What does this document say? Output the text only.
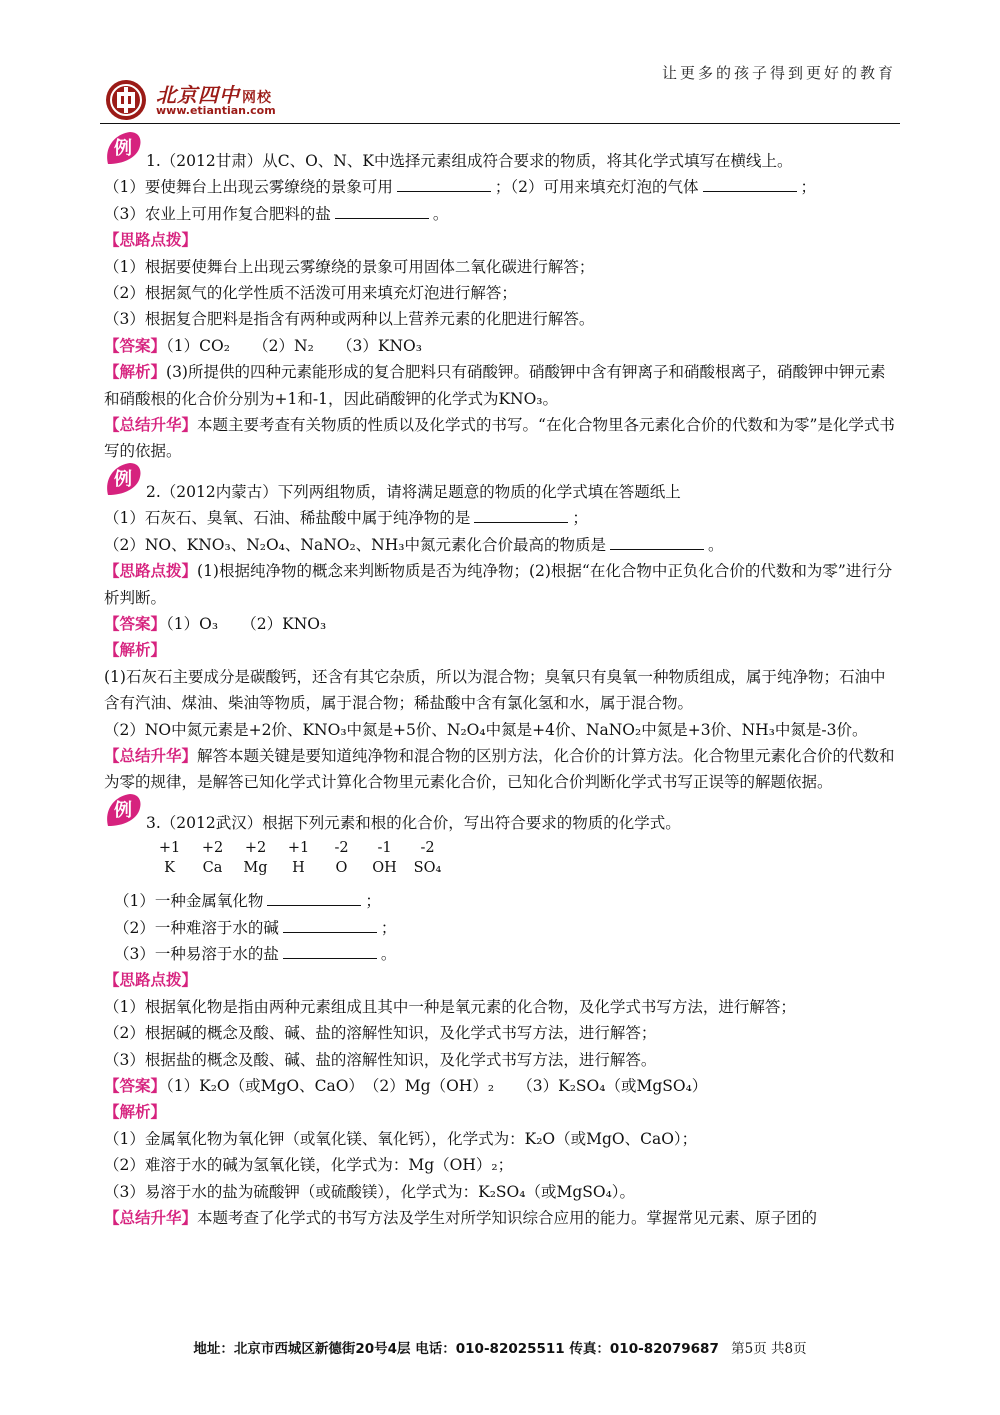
让更多的孩子得到更好的教育
北京四中 网校
www.etiantian.com
例

1.（2012甘肃）从C、O、N、K中选择元素组成符合要求的物质，将其化学式填写在横线上。

（1）要使舞台上出现云雾缭绕的景象可用	；（2）可用来填充灯泡的气体	；

（3）农业上可用作复合肥料的盐	。

【思路点拨】

（1）根据要使舞台上出现云雾缭绕的景象可用固体二氧化碳进行解答；

（2）根据氮气的化学性质不活泼可用来填充灯泡进行解答；

（3）根据复合肥料是指含有两种或两种以上营养元素的化肥进行解答。

【答案】（1）CO₂　　（2）N₂　　（3）KNO₃

【解析】(3)所提供的四种元素能形成的复合肥料只有硝酸钾。硝酸钾中含有钾离子和硝酸根离子，硝酸钾中钾元素和硝酸根的化合价分别为+1和-1，因此硝酸钾的化学式为KNO₃。

【总结升华】本题主要考查有关物质的性质以及化学式的书写。“在化合物里各元素化合价的代数和为零”是化学式书写的依据。

例

2.（2012内蒙古）下列两组物质，请将满足题意的物质的化学式填在答题纸上

（1）石灰石、臭氧、石油、稀盐酸中属于纯净物的是	；

（2）NO、KNO₃、N₂O₄、NaNO₂、NH₃中氮元素化合价最高的物质是	。

【思路点拨】(1)根据纯净物的概念来判断物质是否为纯净物；(2)根据“在化合物中正负化合价的代数和为零”进行分析判断。

【答案】（1）O₃　　（2）KNO₃

【解析】

(1)石灰石主要成分是碳酸钙，还含有其它杂质，所以为混合物；臭氧只有臭氧一种物质组成，属于纯净物；石油中含有汽油、煤油、柴油等物质，属于混合物；稀盐酸中含有氯化氢和水，属于混合物。

（2）NO中氮元素是+2价、KNO₃中氮是+5价、N₂O₄中氮是+4价、NaNO₂中氮是+3价、NH₃中氮是-3价。

【总结升华】解答本题关键是要知道纯净物和混合物的区别方法，化合价的计算方法。化合物里元素化合价的代数和为零的规律，是解答已知化学式计算化合物里元素化合价，已知化合价判断化学式书写正误等的解题依据。

例

3.（2012武汉）根据下列元素和根的化合价，写出符合要求的物质的化学式。

+1	+2	+2	+1	-2	-1	-2
K	Ca	Mg	H	O	OH	SO₄

（1）一种金属氧化物	；

（2）一种难溶于水的碱	；

（3）一种易溶于水的盐	。

【思路点拨】

（1）根据氧化物是指由两种元素组成且其中一种是氧元素的化合物，及化学式书写方法，进行解答；

（2）根据碱的概念及酸、碱、盐的溶解性知识，及化学式书写方法，进行解答；

（3）根据盐的概念及酸、碱、盐的溶解性知识，及化学式书写方法，进行解答。

【答案】（1）K₂O（或MgO、CaO）　（2）Mg（OH）₂　　（3）K₂SO₄（或MgSO₄）

【解析】

（1）金属氧化物为氧化钾（或氧化镁、氧化钙），化学式为：K₂O（或MgO、CaO）；

（2）难溶于水的碱为氢氧化镁，化学式为：Mg（OH）₂；

（3）易溶于水的盐为硫酸钾（或硫酸镁），化学式为：K₂SO₄（或MgSO₄）。

【总结升华】本题考查了化学式的书写方法及学生对所学知识综合应用的能力。掌握常见元素、原子团的

地址：北京市西城区新德街20号4层 电话：010-82025511 传真：010-82079687 第5页 共8页
